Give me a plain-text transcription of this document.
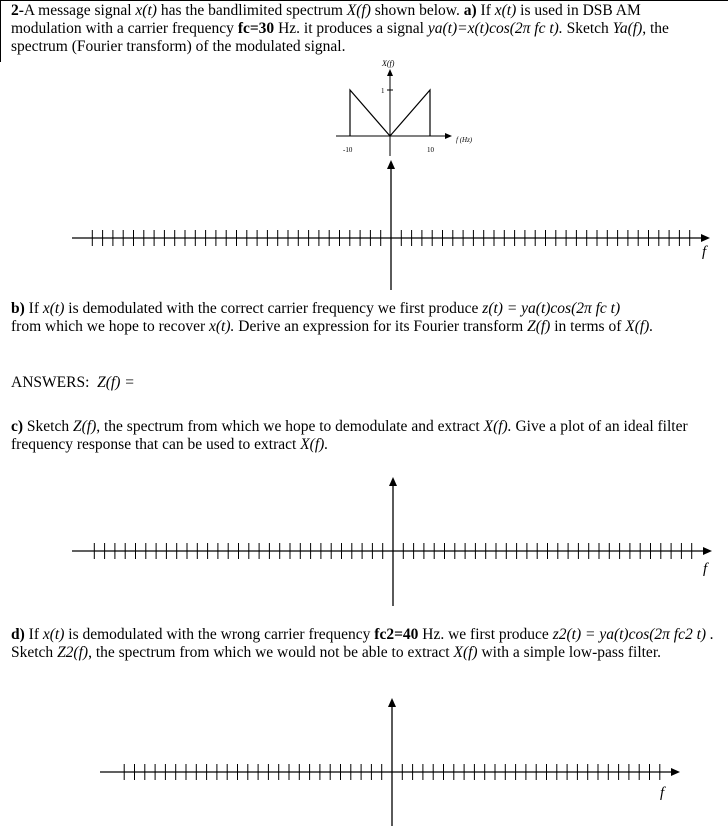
2-A message signal x(t) has the bandlimited spectrum X(f) shown below. a) If x(t) is used in DSB AM
modulation with a carrier frequency fc=30 Hz. it produces a signal ya(t)=x(t)cos(2π fc t). Sketch Ya(f), the
spectrum (Fourier transform) of the modulated signal.
X(f)
1
f (Hz)
-10	10
f
b) If x(t) is demodulated with the correct carrier frequency we first produce z(t) = ya(t)cos(2π fc t)
from which we hope to recover x(t). Derive an expression for its Fourier transform Z(f) in terms of X(f).
ANSWERS: Z(f) =
c) Sketch Z(f), the spectrum from which we hope to demodulate and extract X(f). Give a plot of an ideal filter
frequency response that can be used to extract X(f).
f
d) If x(t) is demodulated with the wrong carrier frequency fc2=40 Hz. we first produce z2(t) = ya(t)cos(2π fc2 t) .
Sketch Z2(f), the spectrum from which we would not be able to extract X(f) with a simple low-pass filter.
f
